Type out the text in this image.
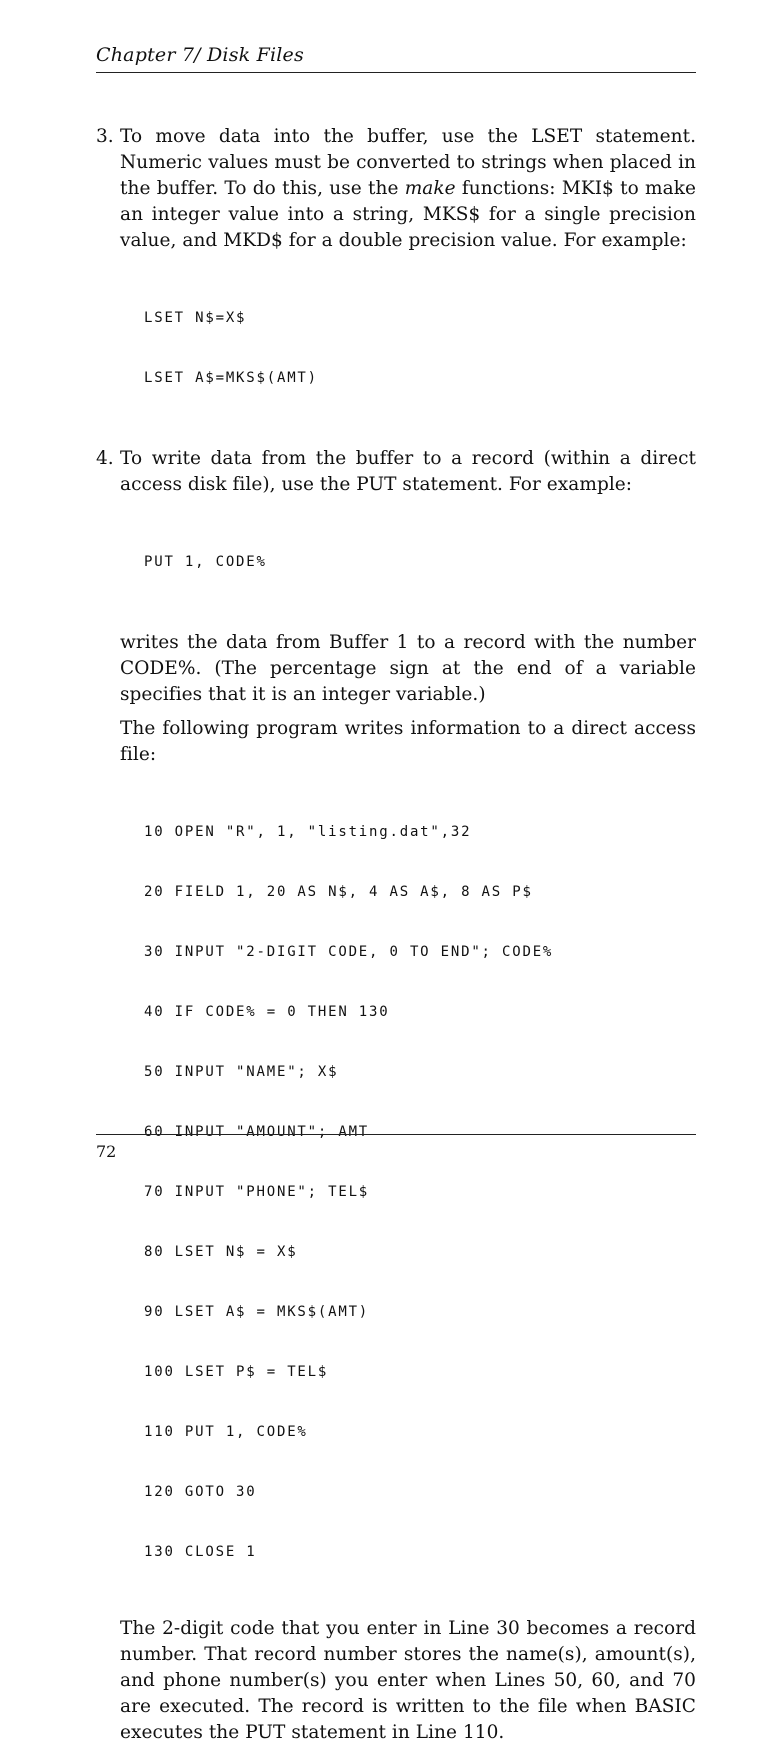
Chapter 7/ Disk Files
3. To move data into the buffer, use the LSET statement. Numeric values must be converted to strings when placed in the buffer. To do this, use the make functions: MKI$ to make an integer value into a string, MKS$ for a single precision value, and MKD$ for a double precision value. For example:

LSET N$=X$

LSET A$=MKS$(AMT)

4. To write data from the buffer to a record (within a direct access disk file), use the PUT statement. For example:

PUT 1, CODE%

writes the data from Buffer 1 to a record with the number CODE%. (The percentage sign at the end of a variable specifies that it is an integer variable.)

The following program writes information to a direct access file:

10 OPEN "R", 1, "listing.dat",32

20 FIELD 1, 20 AS N$, 4 AS A$, 8 AS P$

30 INPUT "2-DIGIT CODE, 0 TO END"; CODE%

40 IF CODE% = 0 THEN 130

50 INPUT "NAME"; X$

60 INPUT "AMOUNT"; AMT

70 INPUT "PHONE"; TEL$

80 LSET N$ = X$

90 LSET A$ = MKS$(AMT)

100 LSET P$ = TEL$

110 PUT 1, CODE%

120 GOTO 30

130 CLOSE 1

The 2-digit code that you enter in Line 30 becomes a record number. That record number stores the name(s), amount(s), and phone number(s) you enter when Lines 50, 60, and 70 are executed. The record is written to the file when BASIC executes the PUT statement in Line 110.

72
